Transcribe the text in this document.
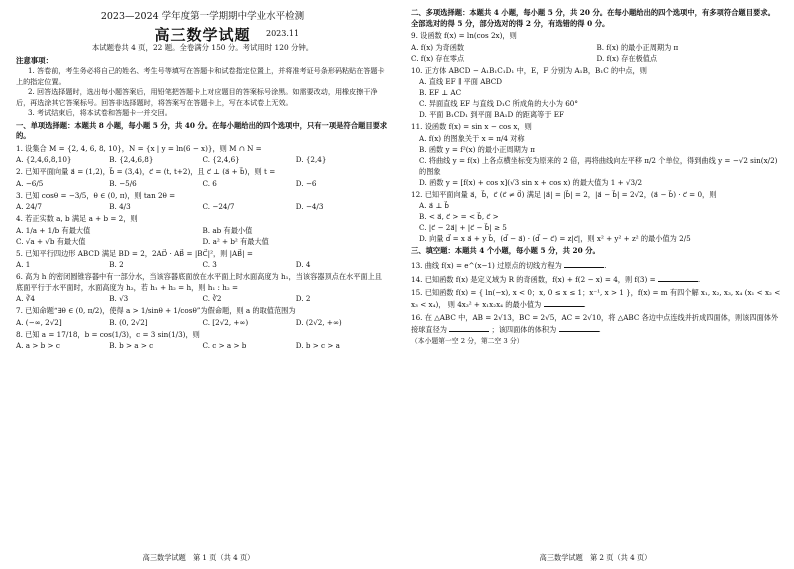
2023—2024 学年度第一学期期中学业水平检测
高三数学试题 2023.11
本试题卷共 4 页，22 题。全卷满分 150 分。考试用时 120 分钟。
注意事项：

1. 答卷前，考生务必将自己的姓名、考生号等填写在答题卡和试卷指定位置上，并将准考证号条形码粘贴在答题卡上的指定位置。

2. 回答选择题时，选出每小题答案后，用铅笔把答题卡上对应题目的答案标号涂黑。如需要改动，用橡皮擦干净后，再选涂其它答案标号。回答非选择题时，将答案写在答题卡上，写在本试卷上无效。

3. 考试结束后，将本试卷和答题卡一并交回。

一、单项选择题：本题共 8 小题，每小题 5 分，共 40 分。在每小题给出的四个选项中，只有一项是符合题目要求的。
1. 设集合 M = {2, 4, 6, 8, 10}，N = {x | y = ln(6 − x)}，则 M ∩ N =
A. {2,4,6,8,10}	B. {2,4,6,8}	C. {2,4,6}	D. {2,4}
2. 已知平面向量 a⃗ = (1,2)，b⃗ = (3,4)，c⃗ = (t, t+2)，且 c⃗ ⊥ (a⃗ + b⃗)，则 t =
A. −6/5	B. −5/6	C. 6	D. −6
3. 已知 cosθ = −3/5，θ ∈ (0, π)，则 tan 2θ =
A. 24/7	B. 4/3	C. −24/7	D. −4/3
4. 若正实数 a, b 满足 a + b = 2，则
A. 1/a + 1/b 有最大值	B. ab 有最小值
C. √a + √b 有最大值	D. a² + b² 有最大值
5. 已知平行四边形 ABCD 满足 BD = 2，2AD⃗ · AB⃗ = |BC⃗|²，则 |AB⃗| =
A. 1	B. 2	C. 3	D. 4
6. 高为 h 的密闭圆锥容器中有一部分水，当该容器底面放在水平面上时水面高度为 h₁，当该容器顶点在水平面上且底面平行于水平面时，水面高度为 h₂，若 h₁ + h₂ = h，则 h₁ : h₂ =
A. ∛4	B. √3	C. ∛2	D. 2
7. 已知命题“∃θ ∈ (0, π/2)，使得 a > 1/sinθ + 1/cosθ”为假命题，则 a 的取值范围为
A. (−∞, 2√2]	B. (0, 2√2]	C. [2√2, +∞)	D. (2√2, +∞)
8. 已知 a = 17/18，b = cos(1/3)，c = 3 sin(1/3)，则
A. a > b > c	B. b > a > c	C. c > a > b	D. b > c > a
高三数学试题　第 1 页（共 4 页）
二、多项选择题：本题共 4 小题，每小题 5 分，共 20 分。在每小题给出的四个选项中，有多项符合题目要求。全部选对的得 5 分，部分选对的得 2 分，有选错的得 0 分。
9. 设函数 f(x) = ln(cos 2x)，则
A. f(x) 为奇函数	B. f(x) 的最小正周期为 π
C. f(x) 存在零点	D. f(x) 存在极值点
10. 正方体 ABCD − A₁B₁C₁D₁ 中，E，F 分别为 A₁B，B₁C 的中点，则
A. 直线 EF ∥ 平面 ABCD
B. EF ⊥ AC
C. 异面直线 EF 与直线 D₁C 所成角的大小为 60°
D. 平面 B₁CD₁ 到平面 BA₁D 的距离等于 EF
11. 设函数 f(x) = sin x − cos x，则
A. f(x) 的图象关于 x = π/4 对称
B. 函数 y = f²(x) 的最小正周期为 π
C. 将曲线 y = f(x) 上各点横坐标变为原来的 2 倍，再将曲线向左平移 π/2 个单位，得到曲线 y = −√2 sin(x/2) 的图象
D. 函数 y = [f(x) + cos x](√3 sin x + cos x) 的最大值为 1 + √3/2
12. 已知平面向量 a⃗，b⃗，c⃗ (c⃗ ≠ 0⃗) 满足 |a⃗| = |b⃗| = 2，|a⃗ − b⃗| = 2√2，(a⃗ − b⃗) · c⃗ = 0，则
A. a⃗ ⊥ b⃗
B. < a⃗, c⃗ > = < b⃗, c⃗ >
C. |c⃗ − 2a⃗| + |c⃗ − b⃗| ≥ 5
D. 向量 d⃗ = x a⃗ + y b⃗，(d⃗ − a⃗) · (d⃗ − c⃗) = z|c⃗|，则 x² + y² + z² 的最小值为 2/5
三、填空题：本题共 4 个小题，每小题 5 分，共 20 分。
13. 曲线 f(x) = e^(x−1) 过原点的切线方程为	.
14. 已知函数 f(x) 是定义域为 R 的奇函数，f(x) + f(2 − x) = 4，则 f(3) =	.
15. 已知函数 f(x) = { ln(−x), x < 0；x, 0 ≤ x ≤ 1；x⁻¹, x > 1 }，f(x) = m 有四个解 x₁, x₂, x₃, x₄ (x₁ < x₂ < x₃ < x₄)， 则 4x₃² + x₁x₂x₄ 的最小值为	.
16. 在 △ABC 中，AB = 2√13，BC = 2√5，AC = 2√10，将 △ABC 各边中点连线并折成四面体，则该四面体外接球直径为	；该四面体的体积为	.
（本小题第一空 2 分，第二空 3 分）
高三数学试题　第 2 页（共 4 页）
